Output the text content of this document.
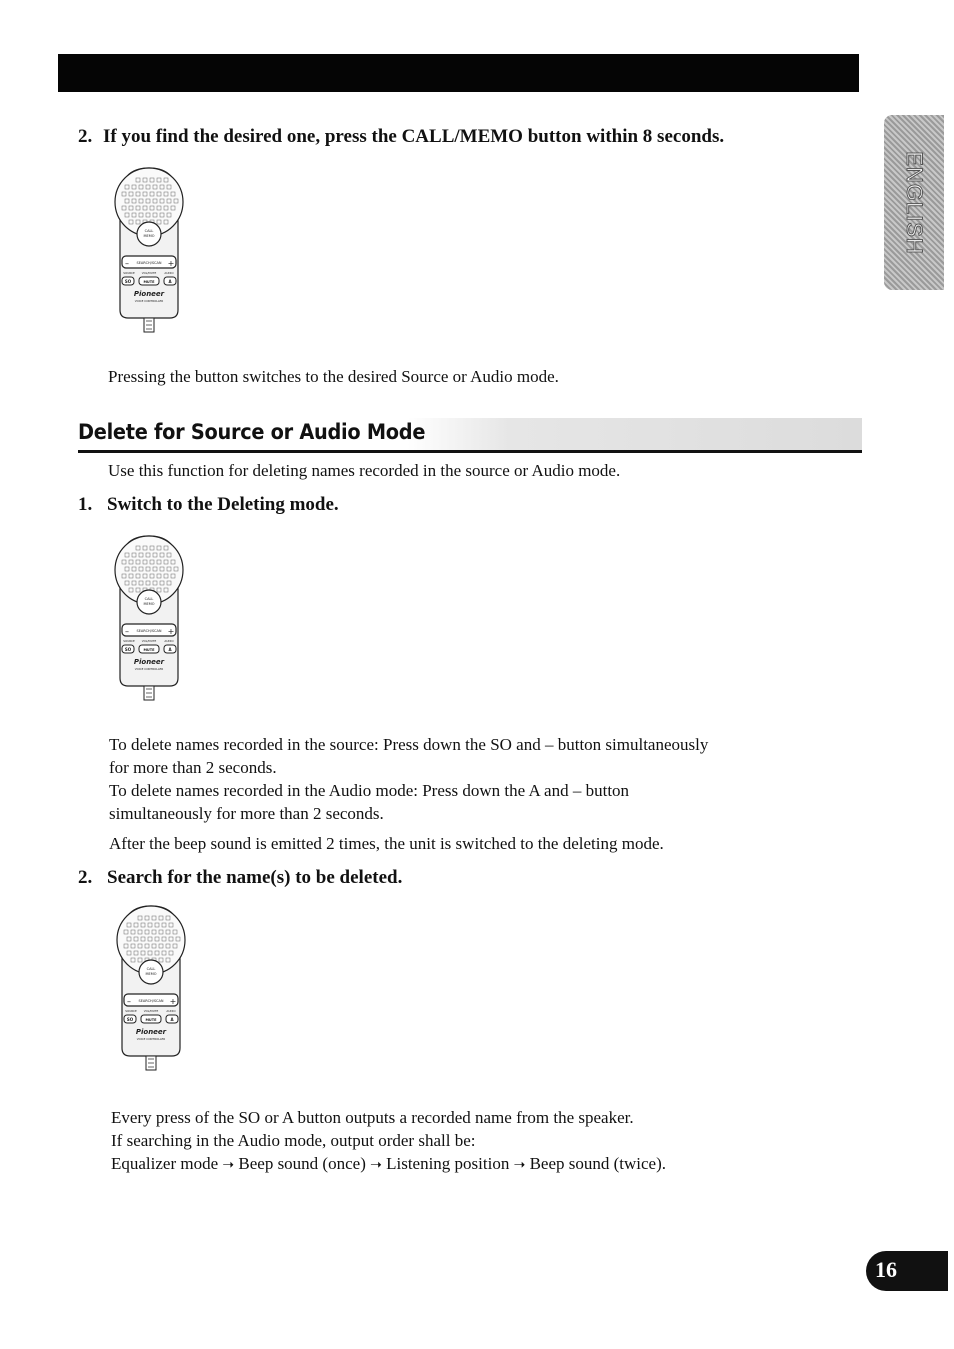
ENGLISH
2. If you find the desired one, press the CALL/MEMO button within 8 seconds.
CALL
MEMO
SEARCH/SCAN
–	+
SOURCE VOL/MUTE	AUDIO
SO	MUTE	A
Pioneer
VOICE CONTROLLER
Pressing the button switches to the desired Source or Audio mode.
Delete for Source or Audio Mode
Use this function for deleting names recorded in the source or Audio mode.
1. Switch to the Deleting mode.
CALL
MEMO
SEARCH/SCAN
–	+
SOURCE VOL/MUTE	AUDIO
SO	MUTE	A
Pioneer
VOICE CONTROLLER
To delete names recorded in the source: Press down the SO and – button simultaneously
for more than 2 seconds.
To delete names recorded in the Audio mode: Press down the A and – button
simultaneously for more than 2 seconds.
After the beep sound is emitted 2 times, the unit is switched to the deleting mode.
2. Search for the name(s) to be deleted.
CALL
MEMO
SEARCH/SCAN
–	+
SOURCE VOL/MUTE	AUDIO
SO	MUTE	A
Pioneer
VOICE CONTROLLER
Every press of the SO or A button outputs a recorded name from the speaker.
If searching in the Audio mode, output order shall be:
Equalizer mode ➝ Beep sound (once) ➝ Listening position ➝ Beep sound (twice).
16
